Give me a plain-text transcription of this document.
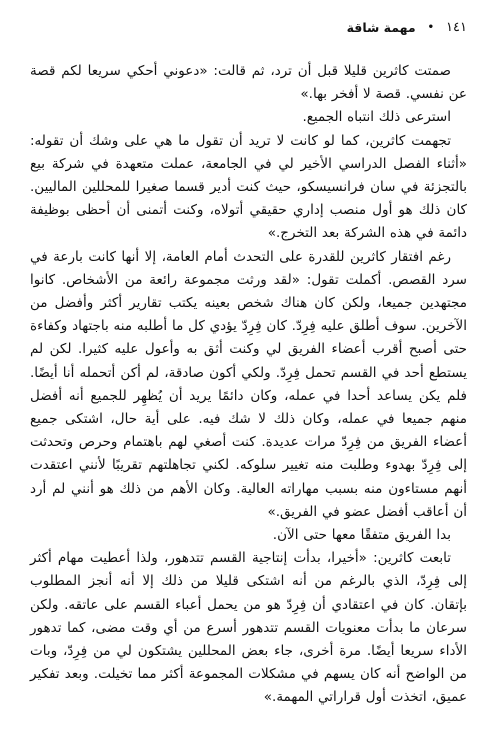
١٤١
•
مهمة شاقة

صمتت كاثرين قليلا قبل أن ترد، ثم قالت: «دعوني أحكي سريعا لكم قصة عن نفسي. قصة لا أفخر بها.»

استرعى ذلك انتباه الجميع.

تجهمت كاثرين، كما لو كانت لا تريد أن تقول ما هي على وشك أن تقوله: «أثناء الفصل الدراسي الأخير لي في الجامعة، عملت متعهدة في شركة بيع بالتجزئة في سان فرانسيسكو، حيث كنت أدير قسما صغيرا للمحللين الماليين. كان ذلك هو أول منصب إداري حقيقي أتولاه، وكنت أتمنى أن أحظى بوظيفة دائمة في هذه الشركة بعد التخرج.»

رغم افتقار كاثرين للقدرة على التحدث أمام العامة، إلا أنها كانت بارعة في سرد القصص. أكملت تقول: «لقد ورثت مجموعة رائعة من الأشخاص. كانوا مجتهدين جميعا، ولكن كان هناك شخص بعينه يكتب تقارير أكثر وأفضل من الآخرين. سوف أطلق عليه فِرِدّ. كان فِرِدّ يؤدي كل ما أطلبه منه باجتهاد وكفاءة حتى أصبح أقرب أعضاء الفريق لي وكنت أثق به وأعول عليه كثيرا. لكن لم يستطع أحد في القسم تحمل فِرِدّ. ولكي أكون صادقة، لم أكن أتحمله أنا أيضًا. فلم يكن يساعد أحدا في عمله، وكان دائمًا يريد أن يُظهِر للجميع أنه أفضل منهم جميعا في عمله، وكان ذلك لا شك فيه. على أية حال، اشتكى جميع أعضاء الفريق من فِرِدّ مرات عديدة. كنت أصغي لهم باهتمام وحرص وتحدثت إلى فِرِدّ بهدوء وطلبت منه تغيير سلوكه. لكني تجاهلتهم تقريبًا لأنني اعتقدت أنهم مستاءون منه بسبب مهاراته العالية. وكان الأهم من ذلك هو أنني لم أرد أن أعاقب أفضل عضو في الفريق.»

بدا الفريق متفقًا معها حتى الآن.

تابعت كاثرين: «أخيرا، بدأت إنتاجية القسم تتدهور، ولذا أعطيت مهام أكثر إلى فِرِدّ، الذي بالرغم من أنه اشتكى قليلا من ذلك إلا أنه أنجز المطلوب بإتقان. كان في اعتقادي أن فِرِدّ هو من يحمل أعباء القسم على عاتقه. ولكن سرعان ما بدأت معنويات القسم تتدهور أسرع من أي وقت مضى، كما تدهور الأداء سريعا أيضًا. مرة أخرى، جاء بعض المحللين يشتكون لي من فِرِدّ، وبات من الواضح أنه كان يسهم في مشكلات المجموعة أكثر مما تخيلت. وبعد تفكير عميق، اتخذت أول قراراتي المهمة.»
